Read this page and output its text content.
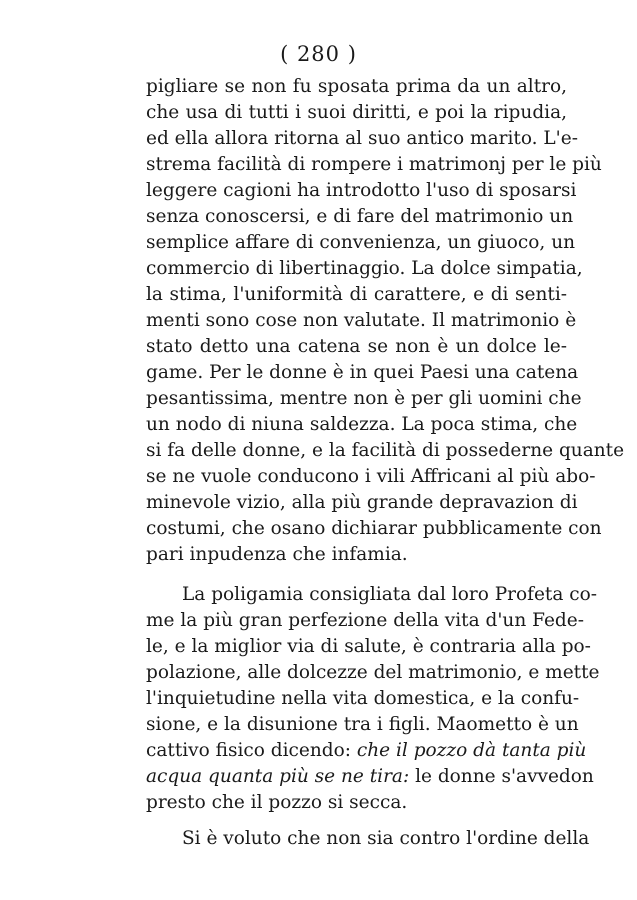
( 280 )
pigliare se non fu sposata prima da un altro,
che usa di tutti i suoi diritti, e poi la ripudia,
ed ella allora ritorna al suo antico marito. L'e-
strema facilità di rompere i matrimonj per le più
leggere cagioni ha introdotto l'uso di sposarsi
senza conoscersi, e di fare del matrimonio un
semplice affare di convenienza, un giuoco, un
commercio di libertinaggio. La dolce simpatia,
la stima, l'uniformità di carattere, e di senti-
menti sono cose non valutate. Il matrimonio è
stato detto una catena se non è un dolce le-
game. Per le donne è in quei Paesi una catena
pesantissima, mentre non è per gli uomini che
un nodo di niuna saldezza. La poca stima, che
si fa delle donne, e la facilità di possederne quante
se ne vuole conducono i vili Affricani al più abo-
minevole vizio, alla più grande depravazion di
costumi, che osano dichiarar pubblicamente con
pari inpudenza che infamia.
La poligamia consigliata dal loro Profeta co-
me la più gran perfezione della vita d'un Fede-
le, e la miglior via di salute, è contraria alla po-
polazione, alle dolcezze del matrimonio, e mette
l'inquietudine nella vita domestica, e la confu-
sione, e la disunione tra i figli. Maometto è un
cattivo fisico dicendo: che il pozzo dà tanta più
acqua quanta più se ne tira: le donne s'avvedon
presto che il pozzo si secca.
Si è voluto che non sia contro l'ordine della
